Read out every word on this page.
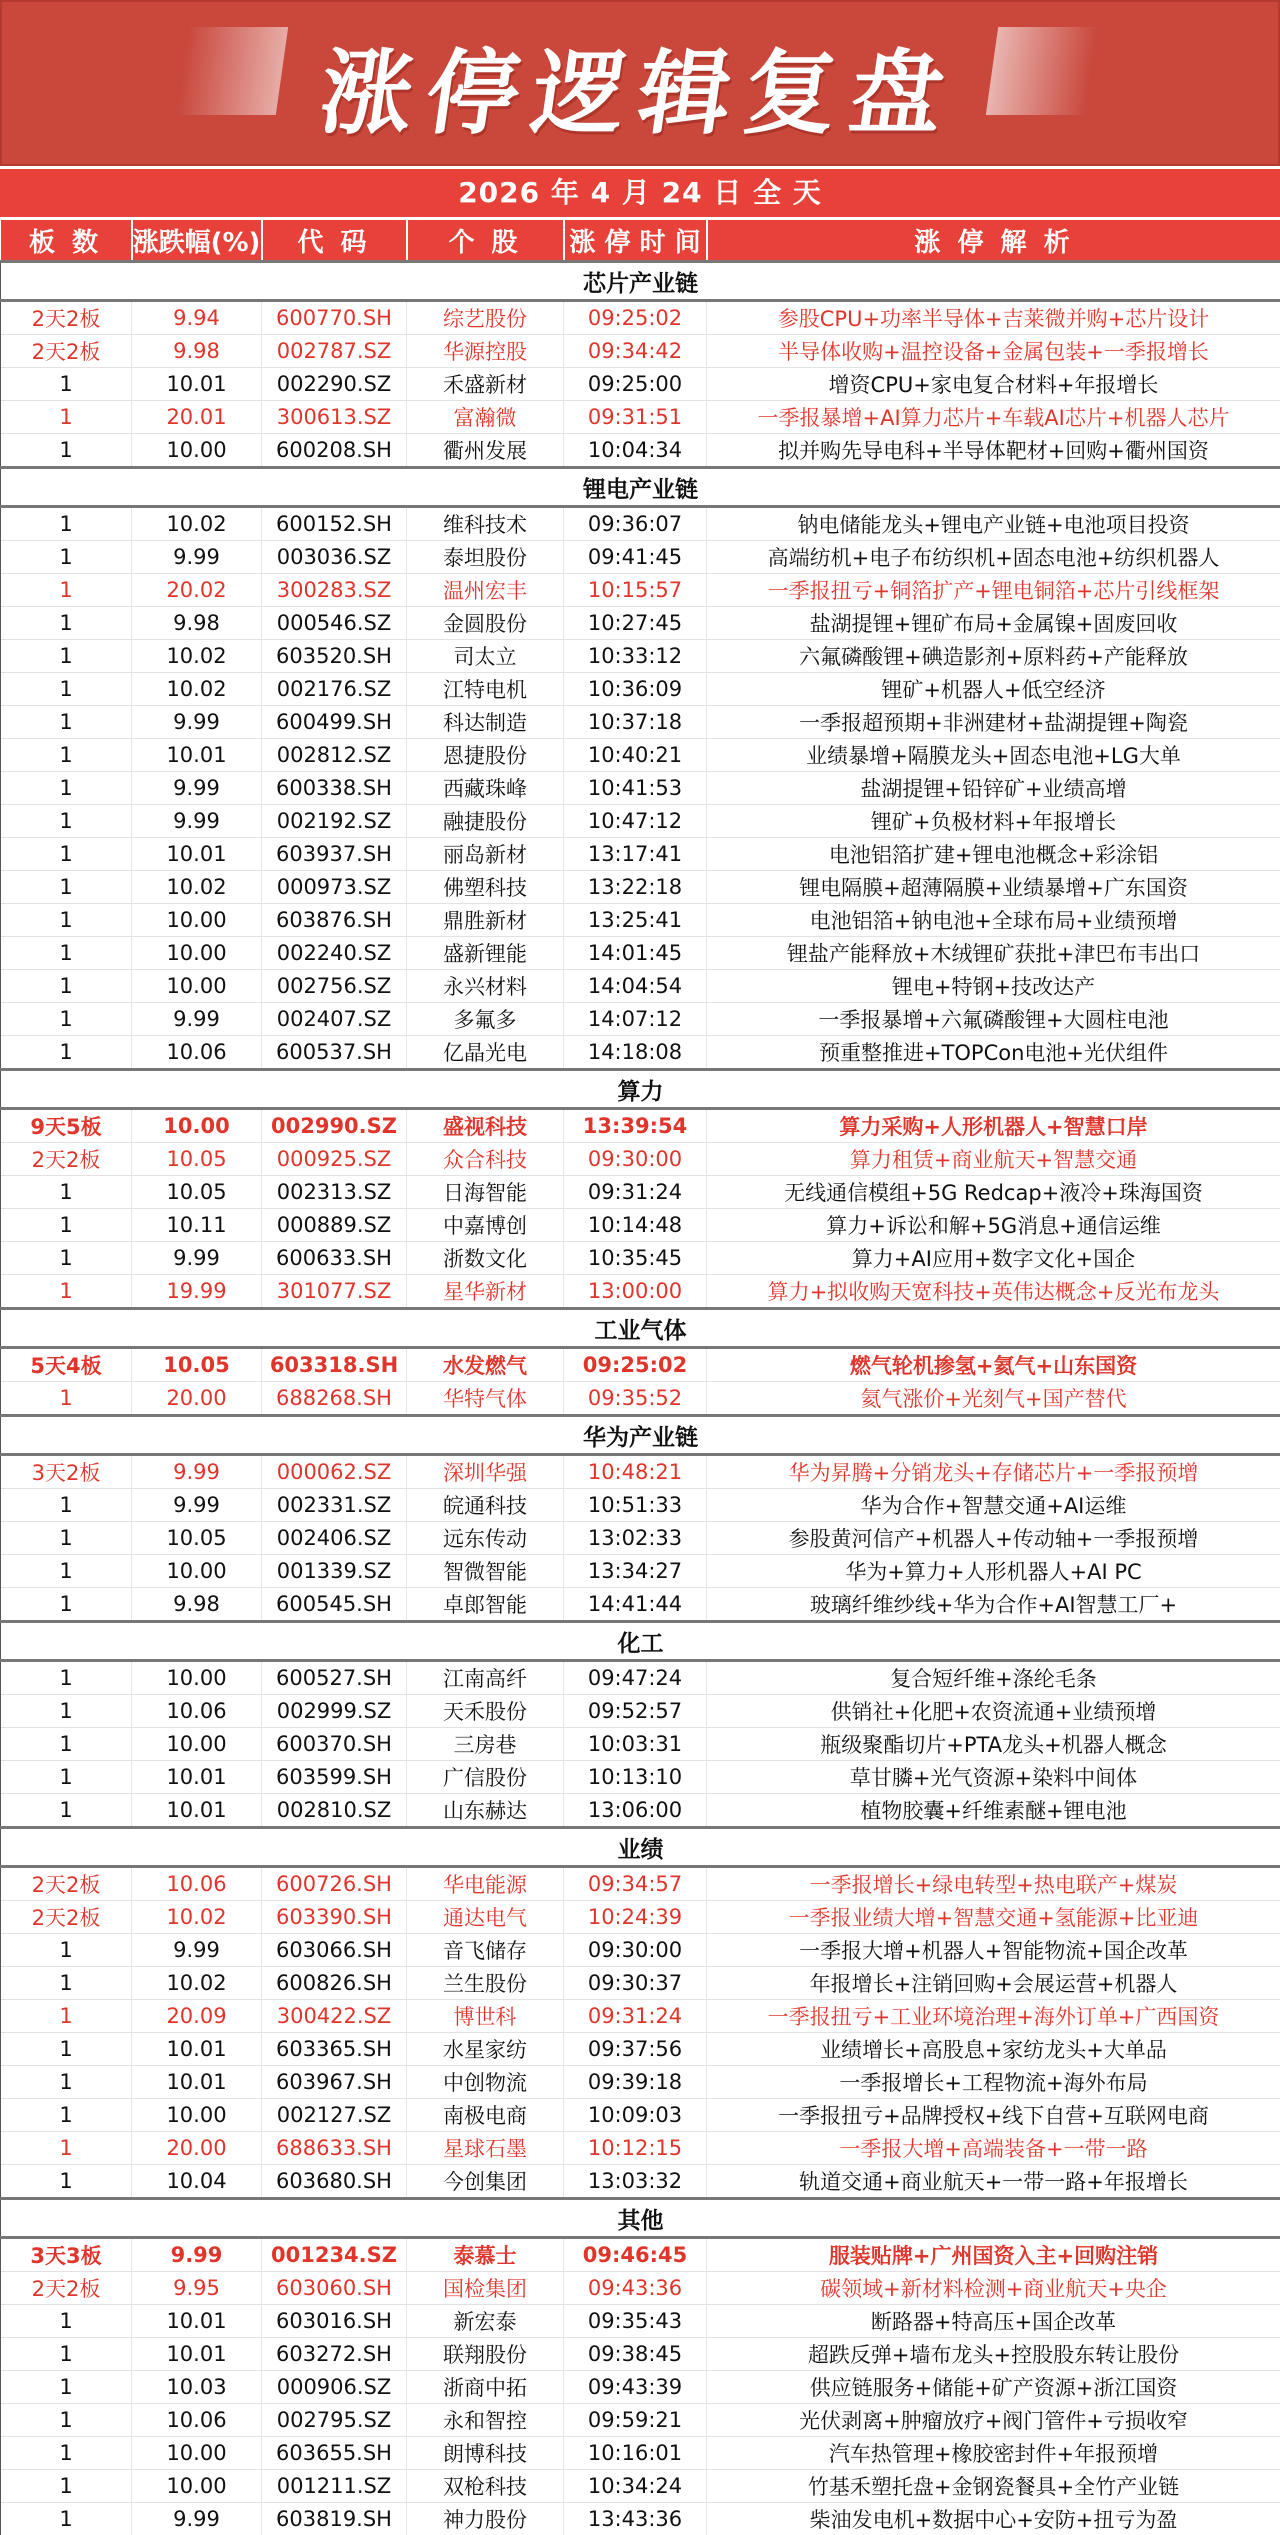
涨停逻辑复盘
2026 年 4 月 24 日 全 天
板 数	涨跌幅(%)	代 码	个 股	涨 停 时 间	涨 停 解 析
芯片产业链					
2天2板	9.94	600770.SH	综艺股份	09:25:02	参股CPU+功率半导体+吉莱微并购+芯片设计
2天2板	9.98	002787.SZ	华源控股	09:34:42	半导体收购+温控设备+金属包装+一季报增长
1	10.01	002290.SZ	禾盛新材	09:25:00	增资CPU+家电复合材料+年报增长
1	20.01	300613.SZ	富瀚微	09:31:51	一季报暴增+AI算力芯片+车载AI芯片+机器人芯片
1	10.00	600208.SH	衢州发展	10:04:34	拟并购先导电科+半导体靶材+回购+衢州国资
锂电产业链					
1	10.02	600152.SH	维科技术	09:36:07	钠电储能龙头+锂电产业链+电池项目投资
1	9.99	003036.SZ	泰坦股份	09:41:45	高端纺机+电子布纺织机+固态电池+纺织机器人
1	20.02	300283.SZ	温州宏丰	10:15:57	一季报扭亏+铜箔扩产+锂电铜箔+芯片引线框架
1	9.98	000546.SZ	金圆股份	10:27:45	盐湖提锂+锂矿布局+金属镍+固废回收
1	10.02	603520.SH	司太立	10:33:12	六氟磷酸锂+碘造影剂+原料药+产能释放
1	10.02	002176.SZ	江特电机	10:36:09	锂矿+机器人+低空经济
1	9.99	600499.SH	科达制造	10:37:18	一季报超预期+非洲建材+盐湖提锂+陶瓷
1	10.01	002812.SZ	恩捷股份	10:40:21	业绩暴增+隔膜龙头+固态电池+LG大单
1	9.99	600338.SH	西藏珠峰	10:41:53	盐湖提锂+铅锌矿+业绩高增
1	9.99	002192.SZ	融捷股份	10:47:12	锂矿+负极材料+年报增长
1	10.01	603937.SH	丽岛新材	13:17:41	电池铝箔扩建+锂电池概念+彩涂铝
1	10.02	000973.SZ	佛塑科技	13:22:18	锂电隔膜+超薄隔膜+业绩暴增+广东国资
1	10.00	603876.SH	鼎胜新材	13:25:41	电池铝箔+钠电池+全球布局+业绩预增
1	10.00	002240.SZ	盛新锂能	14:01:45	锂盐产能释放+木绒锂矿获批+津巴布韦出口
1	10.00	002756.SZ	永兴材料	14:04:54	锂电+特钢+技改达产
1	9.99	002407.SZ	多氟多	14:07:12	一季报暴增+六氟磷酸锂+大圆柱电池
1	10.06	600537.SH	亿晶光电	14:18:08	预重整推进+TOPCon电池+光伏组件
算力					
9天5板	10.00	002990.SZ	盛视科技	13:39:54	算力采购+人形机器人+智慧口岸
2天2板	10.05	000925.SZ	众合科技	09:30:00	算力租赁+商业航天+智慧交通
1	10.05	002313.SZ	日海智能	09:31:24	无线通信模组+5G Redcap+液冷+珠海国资
1	10.11	000889.SZ	中嘉博创	10:14:48	算力+诉讼和解+5G消息+通信运维
1	9.99	600633.SH	浙数文化	10:35:45	算力+AI应用+数字文化+国企
1	19.99	301077.SZ	星华新材	13:00:00	算力+拟收购天宽科技+英伟达概念+反光布龙头
工业气体					
5天4板	10.05	603318.SH	水发燃气	09:25:02	燃气轮机掺氢+氦气+山东国资
1	20.00	688268.SH	华特气体	09:35:52	氦气涨价+光刻气+国产替代
华为产业链					
3天2板	9.99	000062.SZ	深圳华强	10:48:21	华为昇腾+分销龙头+存储芯片+一季报预增
1	9.99	002331.SZ	皖通科技	10:51:33	华为合作+智慧交通+AI运维
1	10.05	002406.SZ	远东传动	13:02:33	参股黄河信产+机器人+传动轴+一季报预增
1	10.00	001339.SZ	智微智能	13:34:27	华为+算力+人形机器人+AI PC
1	9.98	600545.SH	卓郎智能	14:41:44	玻璃纤维纱线+华为合作+AI智慧工厂+
化工					
1	10.00	600527.SH	江南高纤	09:47:24	复合短纤维+涤纶毛条
1	10.06	002999.SZ	天禾股份	09:52:57	供销社+化肥+农资流通+业绩预增
1	10.00	600370.SH	三房巷	10:03:31	瓶级聚酯切片+PTA龙头+机器人概念
1	10.01	603599.SH	广信股份	10:13:10	草甘膦+光气资源+染料中间体
1	10.01	002810.SZ	山东赫达	13:06:00	植物胶囊+纤维素醚+锂电池
业绩					
2天2板	10.06	600726.SH	华电能源	09:34:57	一季报增长+绿电转型+热电联产+煤炭
2天2板	10.02	603390.SH	通达电气	10:24:39	一季报业绩大增+智慧交通+氢能源+比亚迪
1	9.99	603066.SH	音飞储存	09:30:00	一季报大增+机器人+智能物流+国企改革
1	10.02	600826.SH	兰生股份	09:30:37	年报增长+注销回购+会展运营+机器人
1	20.09	300422.SZ	博世科	09:31:24	一季报扭亏+工业环境治理+海外订单+广西国资
1	10.01	603365.SH	水星家纺	09:37:56	业绩增长+高股息+家纺龙头+大单品
1	10.01	603967.SH	中创物流	09:39:18	一季报增长+工程物流+海外布局
1	10.00	002127.SZ	南极电商	10:09:03	一季报扭亏+品牌授权+线下自营+互联网电商
1	20.00	688633.SH	星球石墨	10:12:15	一季报大增+高端装备+一带一路
1	10.04	603680.SH	今创集团	13:03:32	轨道交通+商业航天+一带一路+年报增长
其他					
3天3板	9.99	001234.SZ	泰慕士	09:46:45	服装贴牌+广州国资入主+回购注销
2天2板	9.95	603060.SH	国检集团	09:43:36	碳领域+新材料检测+商业航天+央企
1	10.01	603016.SH	新宏泰	09:35:43	断路器+特高压+国企改革
1	10.01	603272.SH	联翔股份	09:38:45	超跌反弹+墙布龙头+控股股东转让股份
1	10.03	000906.SZ	浙商中拓	09:43:39	供应链服务+储能+矿产资源+浙江国资
1	10.06	002795.SZ	永和智控	09:59:21	光伏剥离+肿瘤放疗+阀门管件+亏损收窄
1	10.00	603655.SH	朗博科技	10:16:01	汽车热管理+橡胶密封件+年报预增
1	10.00	001211.SZ	双枪科技	10:34:24	竹基禾塑托盘+金钢瓷餐具+全竹产业链
1	9.99	603819.SH	神力股份	13:43:36	柴油发电机+数据中心+安防+扭亏为盈
